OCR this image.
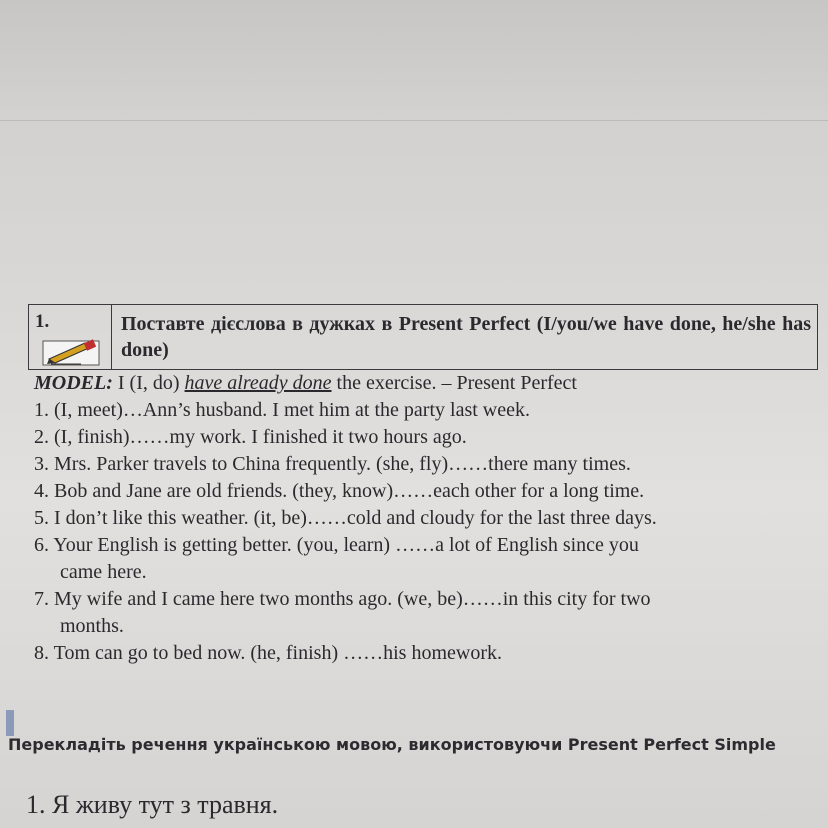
1.	Поставте дієслова в дужках в Present Perfect (I/you/we have done, he/she has done)
MODEL: I (I, do) have already done the exercise. – Present Perfect
1. (I, meet)…Ann’s husband. I met him at the party last week.
2. (I, finish)……my work. I finished it two hours ago.
3. Mrs. Parker travels to China frequently. (she, fly)……there many times.
4. Bob and Jane are old friends. (they, know)……each other for a long time.
5. I don’t like this weather. (it, be)……cold and cloudy for the last three days.
6. Your English is getting better. (you, learn) ……a lot of English since you
came here.
7. My wife and I came here two months ago. (we, be)……in this city for two
months.
8. Tom can go to bed now. (he, finish) ……his homework.
Перекладіть речення українською мовою, використовуючи Present Perfect Simple
1. Я живу тут з травня.
